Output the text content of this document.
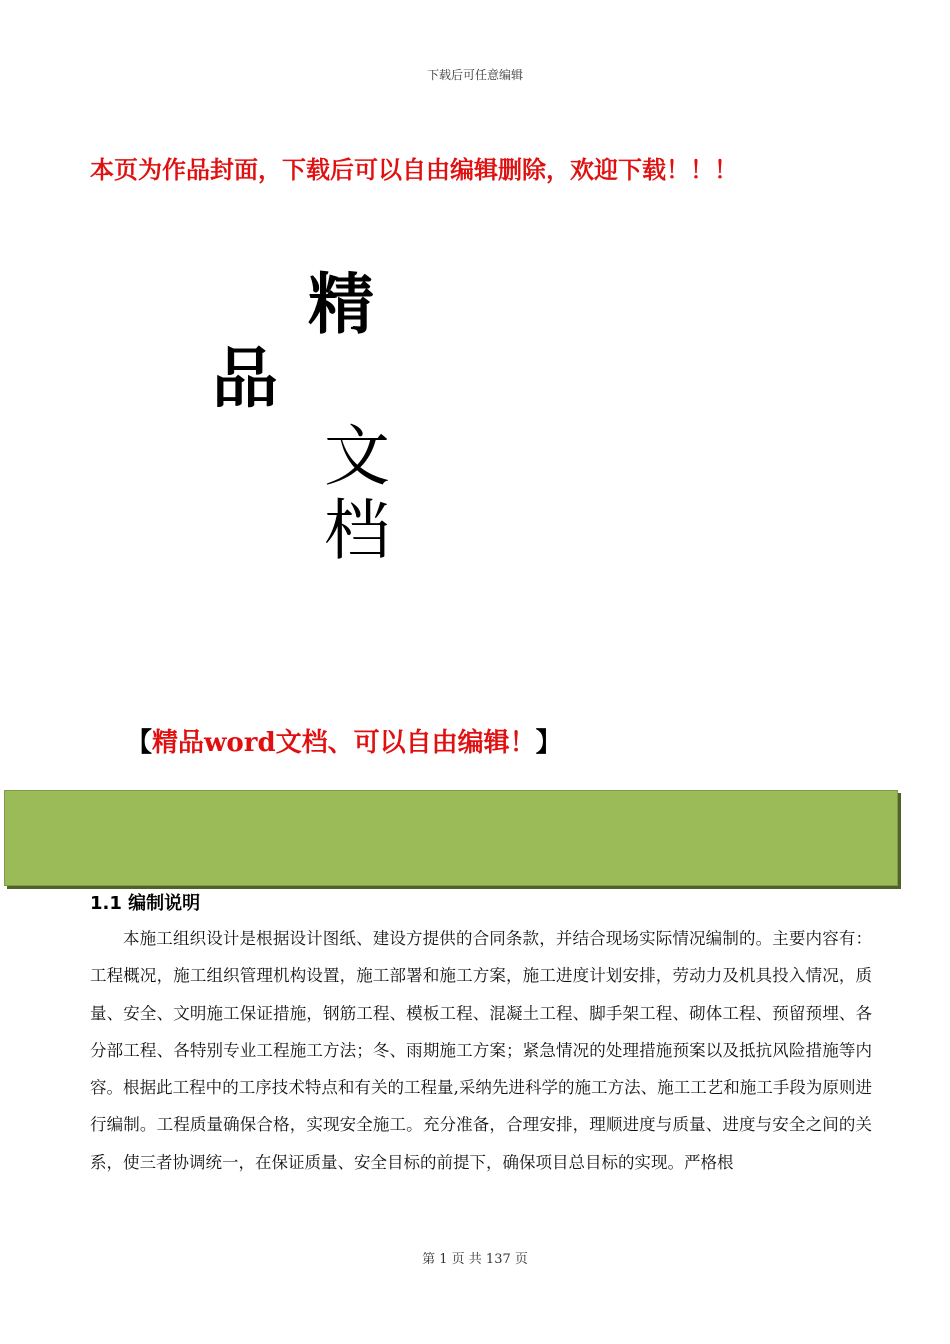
下载后可任意编辑
本页为作品封面，下载后可以自由编辑删除，欢迎下载！！！
精
品
文
档
【精品word文档、可以自由编辑！】
1.1 编制说明
本施工组织设计是根据设计图纸、建设方提供的合同条款，并结合现场实际情况编制的。主要内容有：工程概况，施工组织管理机构设置，施工部署和施工方案，施工进度计划安排，劳动力及机具投入情况，质量、安全、文明施工保证措施，钢筋工程、模板工程、混凝土工程、脚手架工程、砌体工程、预留预埋、各分部工程、各特别专业工程施工方法；冬、雨期施工方案；紧急情况的处理措施预案以及抵抗风险措施等内容。根据此工程中的工序技术特点和有关的工程量,采纳先进科学的施工方法、施工工艺和施工手段为原则进行编制。工程质量确保合格，实现安全施工。充分准备，合理安排，理顺进度与质量、进度与安全之间的关系，使三者协调统一，在保证质量、安全目标的前提下，确保项目总目标的实现。严格根
第 1 页 共 137 页
